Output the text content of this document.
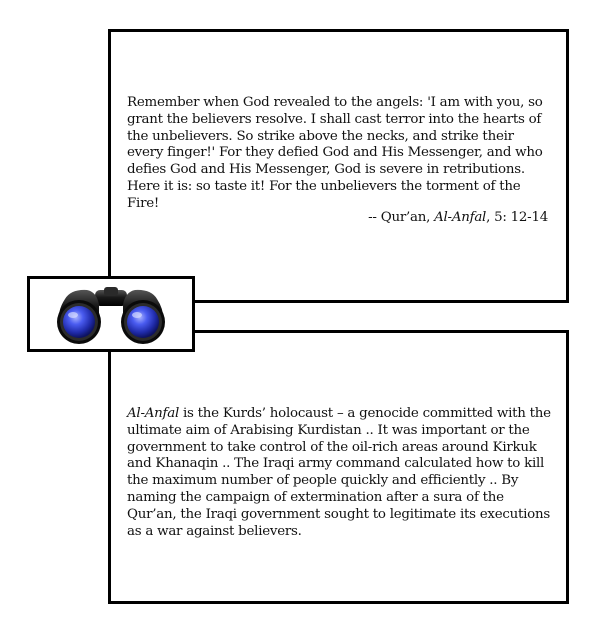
Remember when God revealed to the angels: 'I am with you, so grant the believers resolve. I shall cast terror into the hearts of the unbelievers. So strike above the necks, and strike their every finger!' For they defied God and His Messenger, and who defies God and His Messenger, God is severe in retributions. Here it is: so taste it! For the unbelievers the torment of the Fire!
-- Qur’an, Al-Anfal, 5: 12-14
Al-Anfal is the Kurds’ holocaust – a genocide committed with the ultimate aim of Arabising Kurdistan .. It was important or the government to take control of the oil-rich areas around Kirkuk and Khanaqin .. The Iraqi army command calculated how to kill the maximum number of people quickly and efficiently .. By naming the campaign of extermination after a sura of the Qur’an, the Iraqi government sought to legitimate its executions as a war against believers.
